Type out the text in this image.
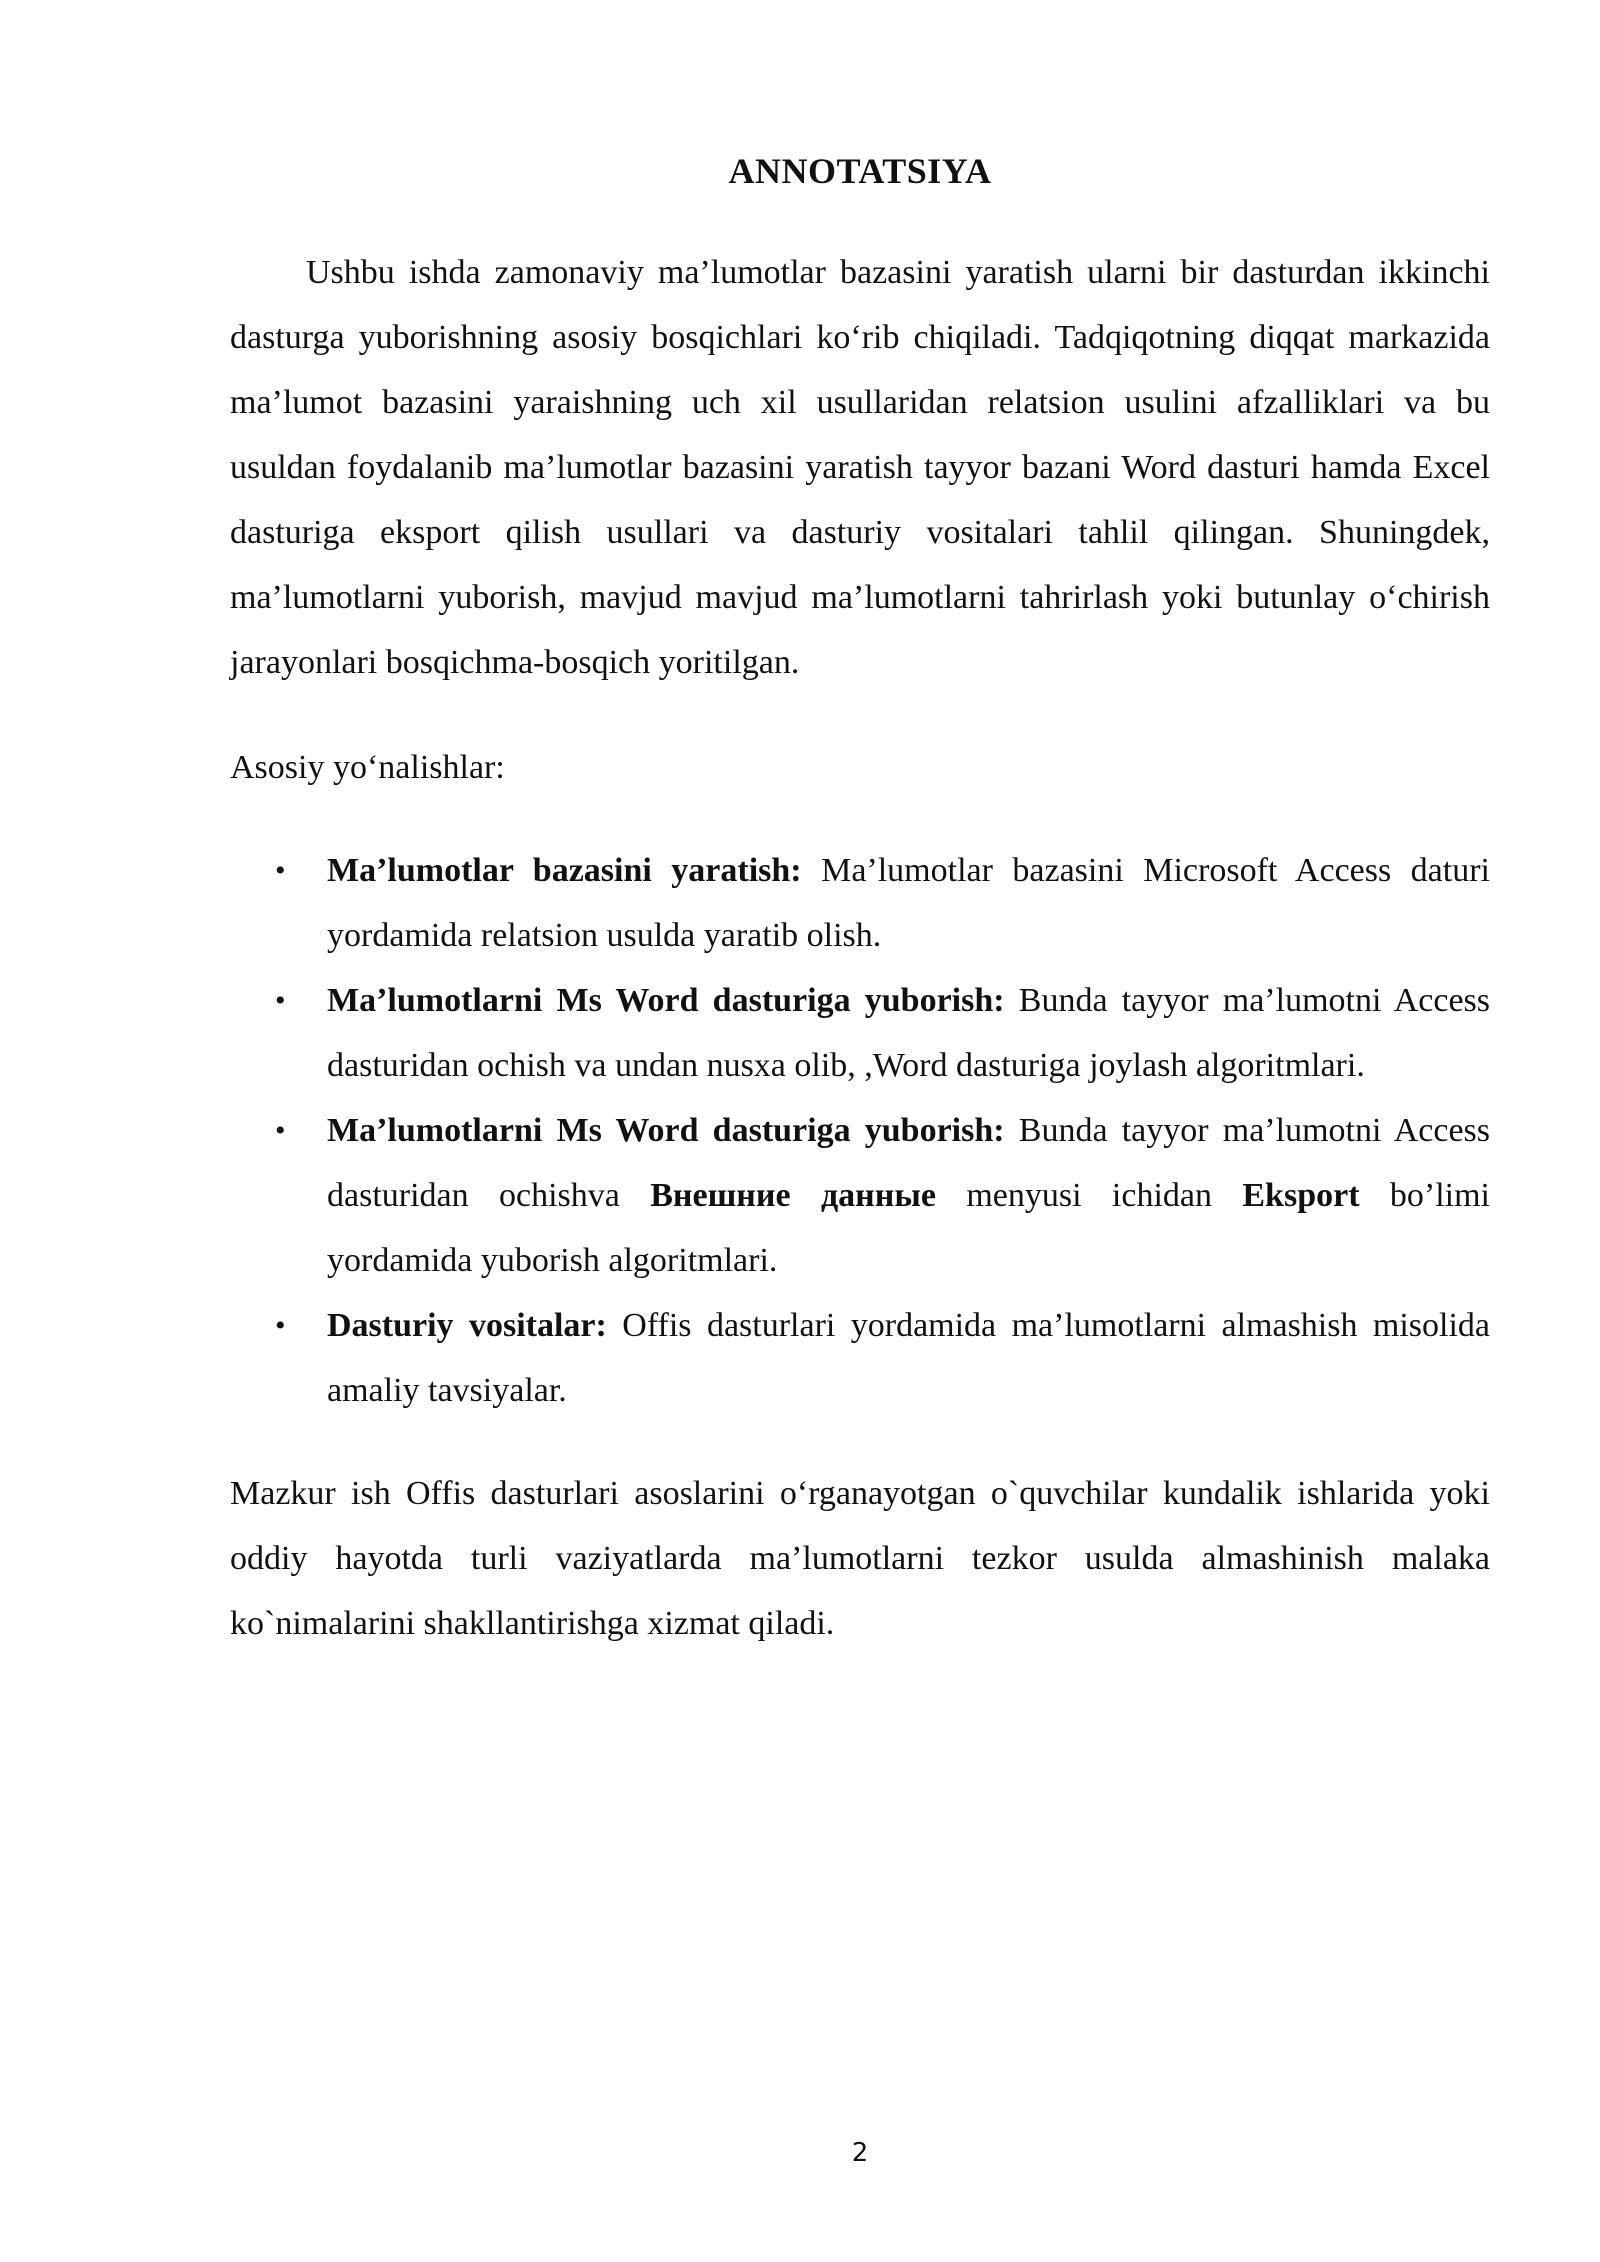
ANNOTATSIYA

Ushbu ishda zamonaviy ma’lumotlar bazasini yaratish ularni bir dasturdan ikkinchi dasturga yuborishning asosiy bosqichlari ko‘rib chiqiladi. Tadqiqotning diqqat markazida ma’lumot bazasini yaraishning uch xil usullaridan relatsion usulini afzalliklari va bu usuldan foydalanib ma’lumotlar bazasini yaratish tayyor bazani Word dasturi hamda Excel dasturiga eksport qilish usullari va dasturiy vositalari tahlil qilingan. Shuningdek, ma’lumotlarni yuborish, mavjud mavjud ma’lumotlarni tahrirlash yoki butunlay o‘chirish jarayonlari bosqichma-bosqich yoritilgan.

Asosiy yo‘nalishlar:

• Ma’lumotlar bazasini yaratish: Ma’lumotlar bazasini Microsoft Access daturi yordamida relatsion usulda yaratib olish.
• Ma’lumotlarni Ms Word dasturiga yuborish: Bunda tayyor ma’lumotni Access dasturidan ochish va undan nusxa olib, ,Word dasturiga joylash algoritmlari.
• Ma’lumotlarni Ms Word dasturiga yuborish: Bunda tayyor ma’lumotni Access dasturidan ochishva Внешние данные menyusi ichidan Eksport bo’limi yordamida yuborish algoritmlari.
• Dasturiy vositalar: Offis dasturlari yordamida ma’lumotlarni almashish misolida amaliy tavsiyalar.

Mazkur ish Offis dasturlari asoslarini o‘rganayotgan o`quvchilar kundalik ishlarida yoki oddiy hayotda turli vaziyatlarda ma’lumotlarni tezkor usulda almashinish malaka ko`nimalarini shakllantirishga xizmat qiladi.

2
